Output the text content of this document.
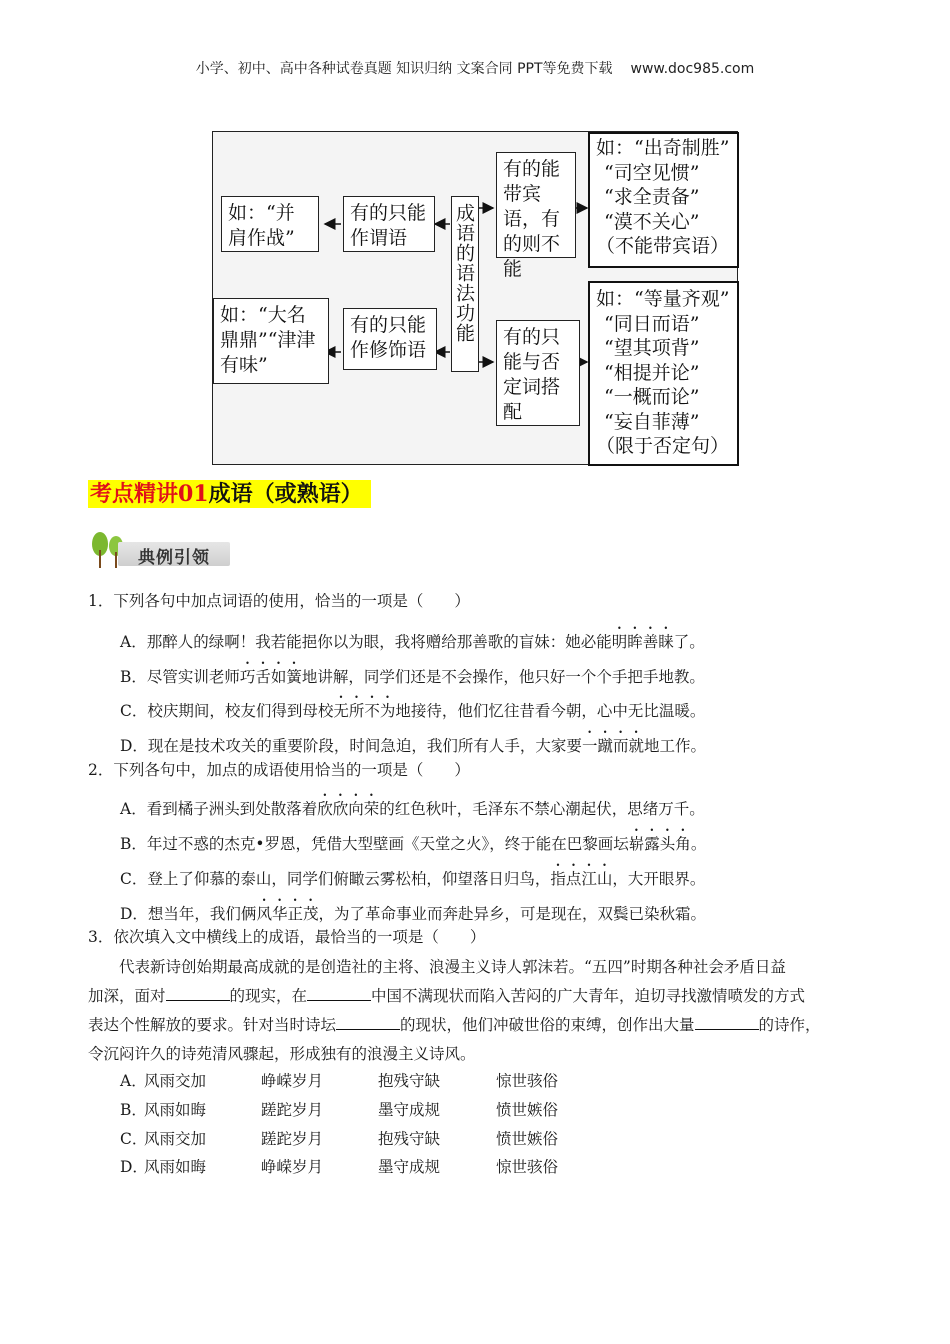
小学、初中、高中各种试卷真题 知识归纳 文案合同 PPT等免费下载 www.doc985.com
如：“并肩作战”
有的只能作谓语	成语的语法功能
如：“大名鼎鼎”“津津有味”
有的只能作修饰语
有的能带宾语，有的则不能
有的只能与否定词搭配
如：“出奇制胜”
“司空见惯”
“求全责备”
“漠不关心”
（不能带宾语）
如：“等量齐观”
“同日而语”
“望其项背”
“相提并论”
“一概而论”
“妄自菲薄”
（限于否定句）
考点精讲01成语（或熟语）
典例引领
1．下列各句中加点词语的使用，恰当的一项是（　　）
A．那醉人的绿啊！我若能挹你以为眼，我将赠给那善歌的盲妹：她必能明眸善睐了。
B．尽管实训老师巧舌如簧地讲解，同学们还是不会操作，他只好一个个手把手地教。
C．校庆期间，校友们得到母校无所不为地接待，他们忆往昔看今朝，心中无比温暖。
D．现在是技术攻关的重要阶段，时间急迫，我们所有人手，大家要一蹴而就地工作。
2．下列各句中，加点的成语使用恰当的一项是（　　）
A．看到橘子洲头到处散落着欣欣向荣的红色秋叶，毛泽东不禁心潮起伏，思绪万千。
B．年过不惑的杰克•罗恩，凭借大型壁画《天堂之火》，终于能在巴黎画坛崭露头角。
C．登上了仰慕的泰山，同学们俯瞰云雾松柏，仰望落日归鸟，指点江山，大开眼界。
D．想当年，我们俩风华正茂，为了革命事业而奔赴异乡，可是现在，双鬓已染秋霜。
3．依次填入文中横线上的成语，最恰当的一项是（　　）

代表新诗创始期最高成就的是创造社的主将、浪漫主义诗人郭沫若。“五四”时期各种社会矛盾日益

加深，面对	的现实，在	中国不满现状而陷入苦闷的广大青年，迫切寻找激情喷发的方式

表达个性解放的要求。针对当时诗坛	的现状，他们冲破世俗的束缚，创作出大量	的诗作，

令沉闷许久的诗苑清风骤起，形成独有的浪漫主义诗风。

A．风雨交加	峥嵘岁月	抱残守缺	惊世骇俗
B．风雨如晦	蹉跎岁月	墨守成规	愤世嫉俗
C．风雨交加	蹉跎岁月	抱残守缺	愤世嫉俗
D．风雨如晦	峥嵘岁月	墨守成规	惊世骇俗
